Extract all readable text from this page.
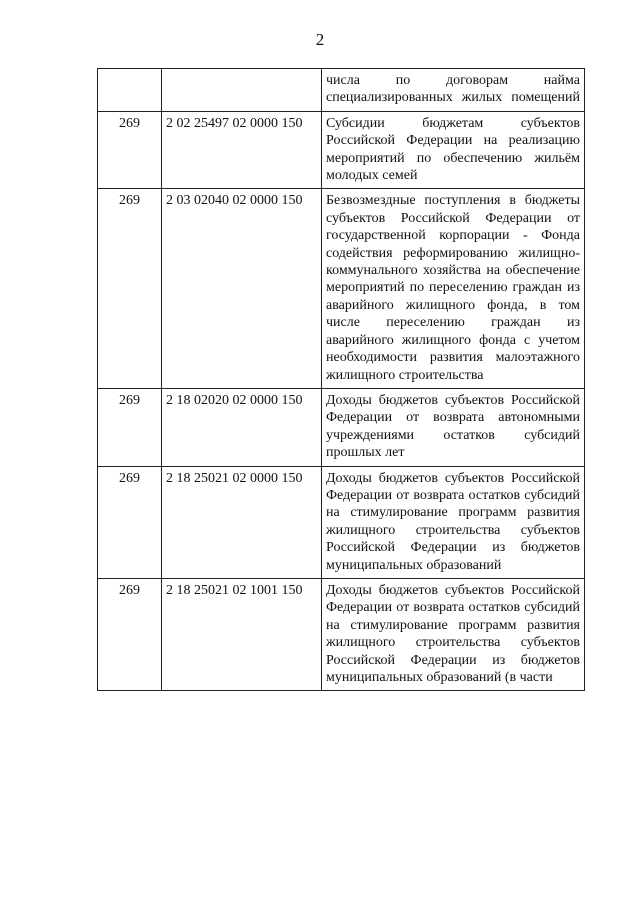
2

		числа по договорам найма специализированных жилых помещений

269	2 02 25497 02 0000 150	Субсидии бюджетам субъектов Российской Федерации на реализацию мероприятий по обеспечению жильём молодых семей

269	2 03 02040 02 0000 150	Безвозмездные поступления в бюджеты субъектов Российской Федерации от государственной корпорации - Фонда содействия реформированию жилищно-коммунального хозяйства на обеспечение мероприятий по переселению граждан из аварийного жилищного фонда, в том числе переселению граждан из аварийного жилищного фонда с учетом необходимости развития малоэтажного жилищного строительства

269	2 18 02020 02 0000 150	Доходы бюджетов субъектов Российской Федерации от возврата автономными учреждениями остатков субсидий прошлых лет

269	2 18 25021 02 0000 150	Доходы бюджетов субъектов Российской Федерации от возврата остатков субсидий на стимулирование программ развития жилищного строительства субъектов Российской Федерации из бюджетов муниципальных образований

269	2 18 25021 02 1001 150	Доходы бюджетов субъектов Российской Федерации от возврата остатков субсидий на стимулирование программ развития жилищного строительства субъектов Российской Федерации из бюджетов муниципальных образований (в части
